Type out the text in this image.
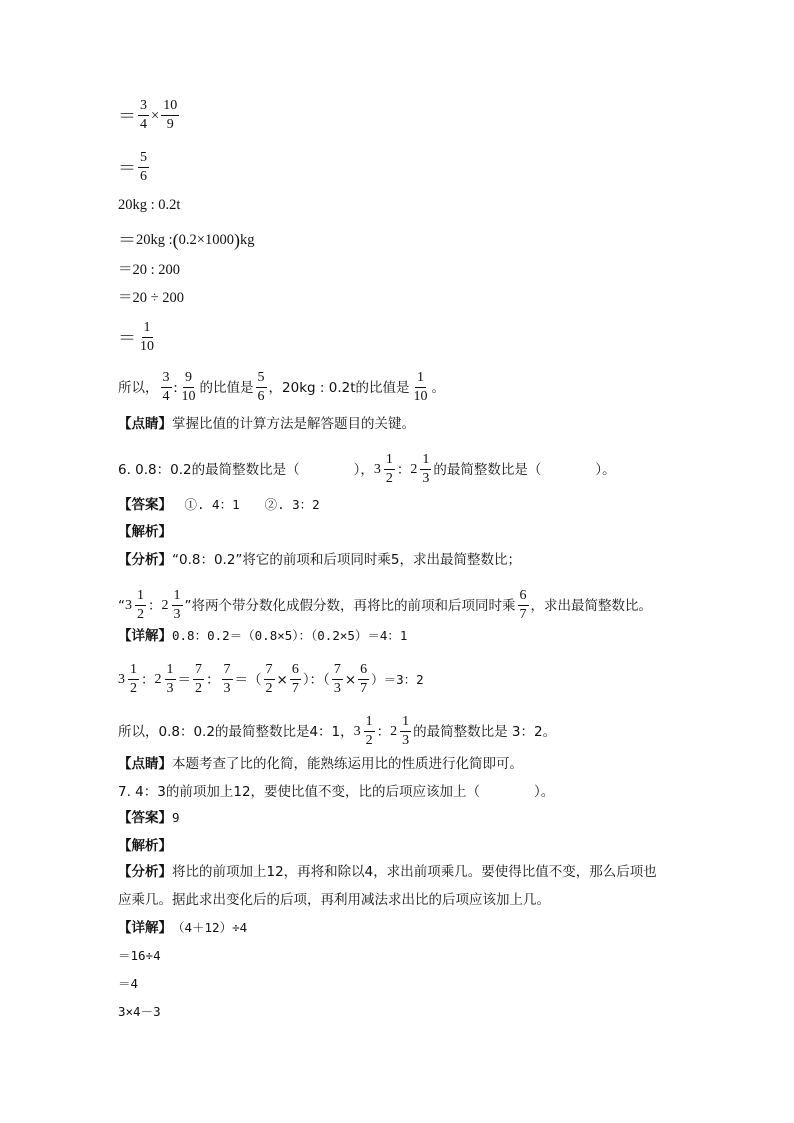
＝ $\frac{3}{4} \times \frac{10}{9}$
＝ $\frac{5}{6}$
20kg : 0.2t
＝ 20kg : ( 0.2×1000 ) kg
＝20 : 200
＝20 ÷ 200
＝ $\frac{1}{10}$
所以， $\frac{3}{4}$ : $\frac{9}{10}$ 的比值是 $\frac{5}{6}$ ，20kg : 0.2t的比值是 $\frac{1}{10}$ 。
【点睛】 掌握比值的计算方法是解答题目的关键。
6. 0.8：0.2的最简整数比是（　　　　）， $3 \frac{1}{2}$ ： $2 \frac{1}{3}$ 的最简整数比是（　　　　）。
【答案】 　①. 4：1　　②. 3：2
【解析】
【分析】 “0.8：0.2”将它的前项和后项同时乘5，求出最简整数比；
“ $3 \frac{1}{2}$ ： $2 \frac{1}{3}$ ”将两个带分数化成假分数，再将比的前项和后项同时乘 $\frac{6}{7}$ ，求出最简整数比。
【详解】 0.8：0.2＝（0.8×5）：（0.2×5）＝4：1
$3 \frac{1}{2}$ ： $2 \frac{1}{3} = \frac{7}{2}$ ： $\frac{7}{3}$ ＝（ $\frac{7}{2} \times \frac{6}{7}$ ）：（ $\frac{7}{3} \times \frac{6}{7} )=3$：2
所以，0.8：0.2的最简整数比是4：1， $3 \frac{1}{2}$ ： $2 \frac{1}{3}$ 的最简整数比是 3：2。
【点睛】 本题考查了比的化简，能熟练运用比的性质进行化简即可。
7. 4：3的前项加上12，要使比值不变，比的后项应该加上（　　　　）。
【答案】 9
【解析】
【分析】 将比的前项加上12，再将和除以4，求出前项乘几。要使得比值不变，那么后项也
应乘几。据此求出变化后的后项，再利用减法求出比的后项应该加上几。
【详解】 （4＋12）÷4
＝16÷4
＝4
3×4－3
